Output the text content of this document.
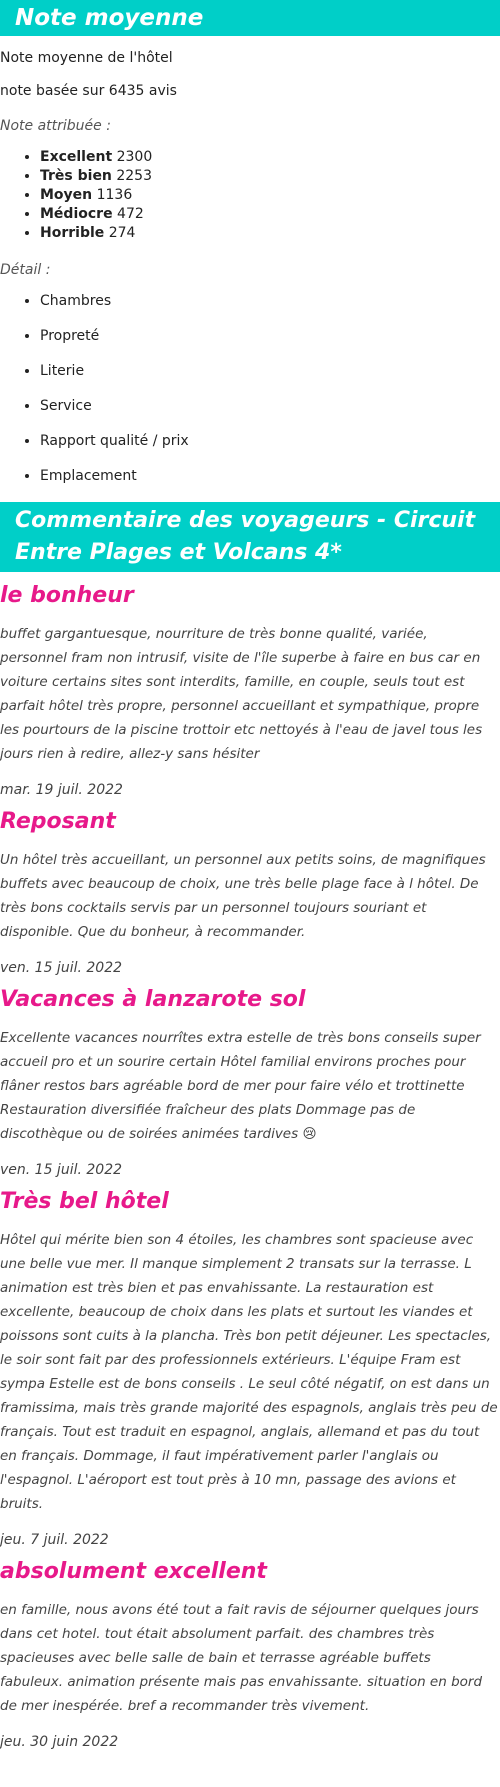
Note moyenne

Note moyenne de l'hôtel

note basée sur 6435 avis

Note attribuée :

• Excellent 2300
• Très bien 2253
• Moyen 1136
• Médiocre 472
• Horrible 274

Détail :

• Chambres
• Propreté
• Literie
• Service
• Rapport qualité / prix
• Emplacement
Commentaire des voyageurs - Circuit Entre Plages et Volcans 4*
le bonheur

buffet gargantuesque, nourriture de très bonne qualité, variée, personnel fram non intrusif, visite de l'île superbe à faire en bus car en voiture certains sites sont interdits, famille, en couple, seuls tout est parfait hôtel très propre, personnel accueillant et sympathique, propre les pourtours de la piscine trottoir etc nettoyés à l'eau de javel tous les jours rien à redire, allez-y sans hésiter

mar. 19 juil. 2022

Reposant

Un hôtel très accueillant, un personnel aux petits soins, de magnifiques buffets avec beaucoup de choix, une très belle plage face à l hôtel. De très bons cocktails servis par un personnel toujours souriant et disponible. Que du bonheur, à recommander.

ven. 15 juil. 2022

Vacances à lanzarote sol

Excellente vacances nourrîtes extra estelle de très bons conseils super accueil pro et un sourire certain Hôtel familial environs proches pour flâner restos bars agréable bord de mer pour faire vélo et trottinette Restauration diversifiée fraîcheur des plats Dommage pas de discothèque ou de soirées animées tardives 😢

ven. 15 juil. 2022

Très bel hôtel

Hôtel qui mérite bien son 4 étoiles, les chambres sont spacieuse avec une belle vue mer. Il manque simplement 2 transats sur la terrasse. L animation est très bien et pas envahissante. La restauration est excellente, beaucoup de choix dans les plats et surtout les viandes et poissons sont cuits à la plancha. Très bon petit déjeuner. Les spectacles, le soir sont fait par des professionnels extérieurs. L'équipe Fram est sympa Estelle est de bons conseils . Le seul côté négatif, on est dans un framissima, mais très grande majorité des espagnols, anglais très peu de français. Tout est traduit en espagnol, anglais, allemand et pas du tout en français. Dommage, il faut impérativement parler l'anglais ou l'espagnol. L'aéroport est tout près à 10 mn, passage des avions et bruits.

jeu. 7 juil. 2022

absolument excellent

en famille, nous avons été tout a fait ravis de séjourner quelques jours dans cet hotel. tout était absolument parfait. des chambres très spacieuses avec belle salle de bain et terrasse agréable buffets fabuleux. animation présente mais pas envahissante. situation en bord de mer inespérée. bref a recommander très vivement.

jeu. 30 juin 2022
